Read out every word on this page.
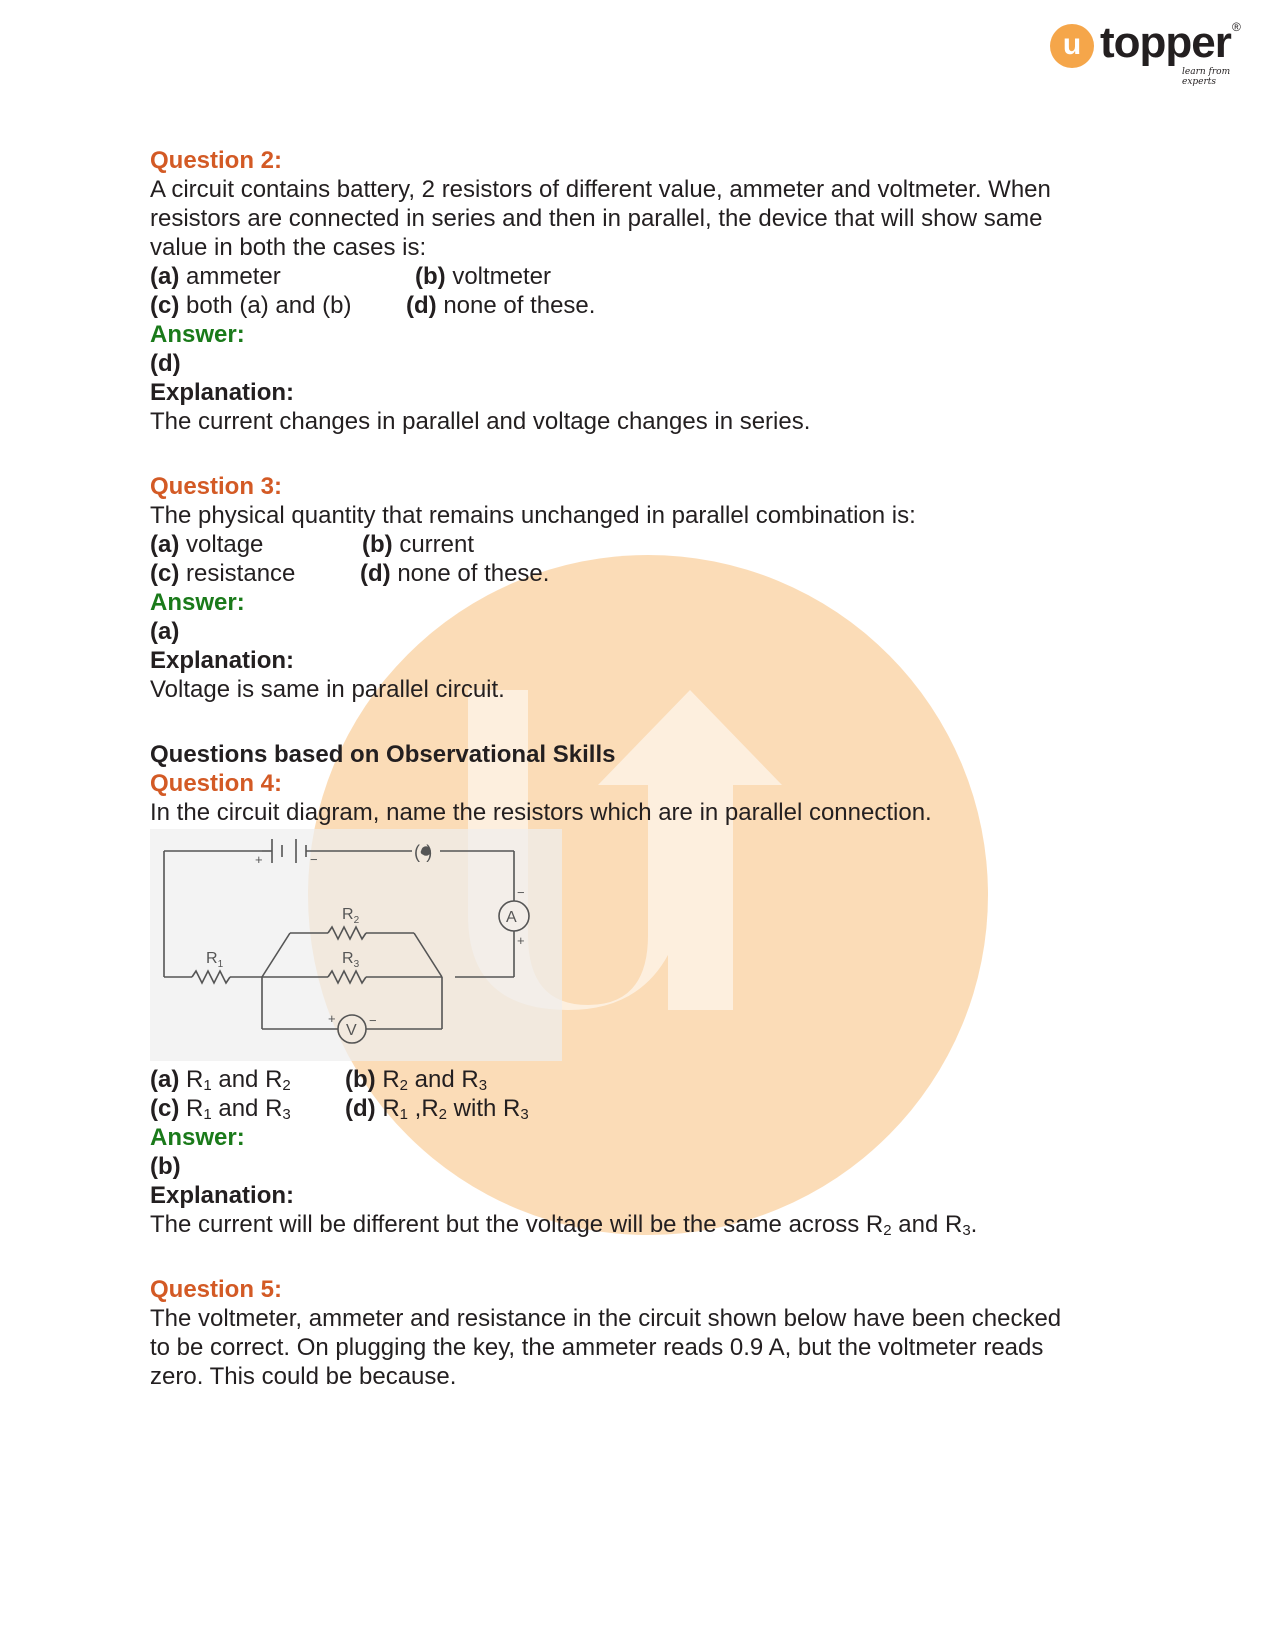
u topper ®
learn from experts
Question 2:
A circuit contains battery, 2 resistors of different value, ammeter and voltmeter. When
resistors are connected in series and then in parallel, the device that will show same
value in both the cases is:
(a) ammeter	(b) voltmeter
(c) both (a) and (b) (d) none of these.
Answer:
(d)
Explanation:
The current changes in parallel and voltage changes in series.
Question 3:
The physical quantity that remains unchanged in parallel combination is:
(a) voltage	(b) current
(c) resistance	(d) none of these.
Answer:
(a)
Explanation:
Voltage is same in parallel circuit.
Questions based on Observational Skills
Question 4:
In the circuit diagram, name the resistors which are in parallel connection.
(•)
+	−
A
−
+
V
+	−
$R_1$
$R_2$
$R_3$
(a) $R_1$ and $R_2$ (b) $R_2$ and $R_3$
(c) $R_1$ and $R_3$ (d) $R_1$ $,R_2$ with $R_3$
Answer:
(b)
Explanation:
The current will be different but the voltage will be the same across $R_2$ and $R_3$.
Question 5:
The voltmeter, ammeter and resistance in the circuit shown below have been checked
to be correct. On plugging the key, the ammeter reads 0.9 A, but the voltmeter reads
zero. This could be because.
